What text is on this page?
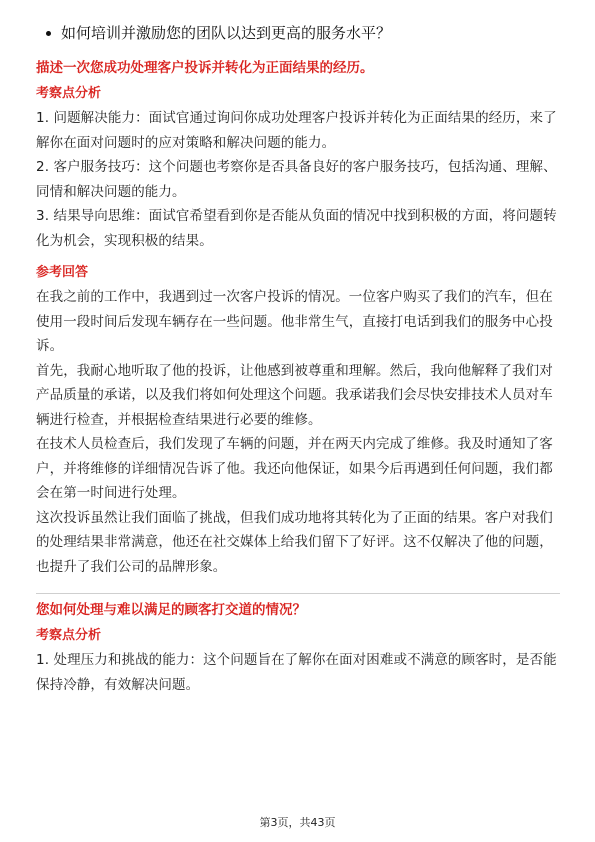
如何培训并激励您的团队以达到更高的服务水平？
描述一次您成功处理客户投诉并转化为正面结果的经历。
考察点分析
1. 问题解决能力：面试官通过询问你成功处理客户投诉并转化为正面结果的经历，来了解你在面对问题时的应对策略和解决问题的能力。
2. 客户服务技巧：这个问题也考察你是否具备良好的客户服务技巧，包括沟通、理解、同情和解决问题的能力。
3. 结果导向思维：面试官希望看到你是否能从负面的情况中找到积极的方面，将问题转化为机会，实现积极的结果。
参考回答
在我之前的工作中，我遇到过一次客户投诉的情况。一位客户购买了我们的汽车，但在使用一段时间后发现车辆存在一些问题。他非常生气，直接打电话到我们的服务中心投诉。
首先，我耐心地听取了他的投诉，让他感到被尊重和理解。然后，我向他解释了我们对产品质量的承诺，以及我们将如何处理这个问题。我承诺我们会尽快安排技术人员对车辆进行检查，并根据检查结果进行必要的维修。
在技术人员检查后，我们发现了车辆的问题，并在两天内完成了维修。我及时通知了客户，并将维修的详细情况告诉了他。我还向他保证，如果今后再遇到任何问题，我们都会在第一时间进行处理。
这次投诉虽然让我们面临了挑战，但我们成功地将其转化为了正面的结果。客户对我们的处理结果非常满意，他还在社交媒体上给我们留下了好评。这不仅解决了他的问题，也提升了我们公司的品牌形象。
您如何处理与难以满足的顾客打交道的情况？
考察点分析
1. 处理压力和挑战的能力：这个问题旨在了解你在面对困难或不满意的顾客时，是否能保持冷静，有效解决问题。
第3页，共43页
